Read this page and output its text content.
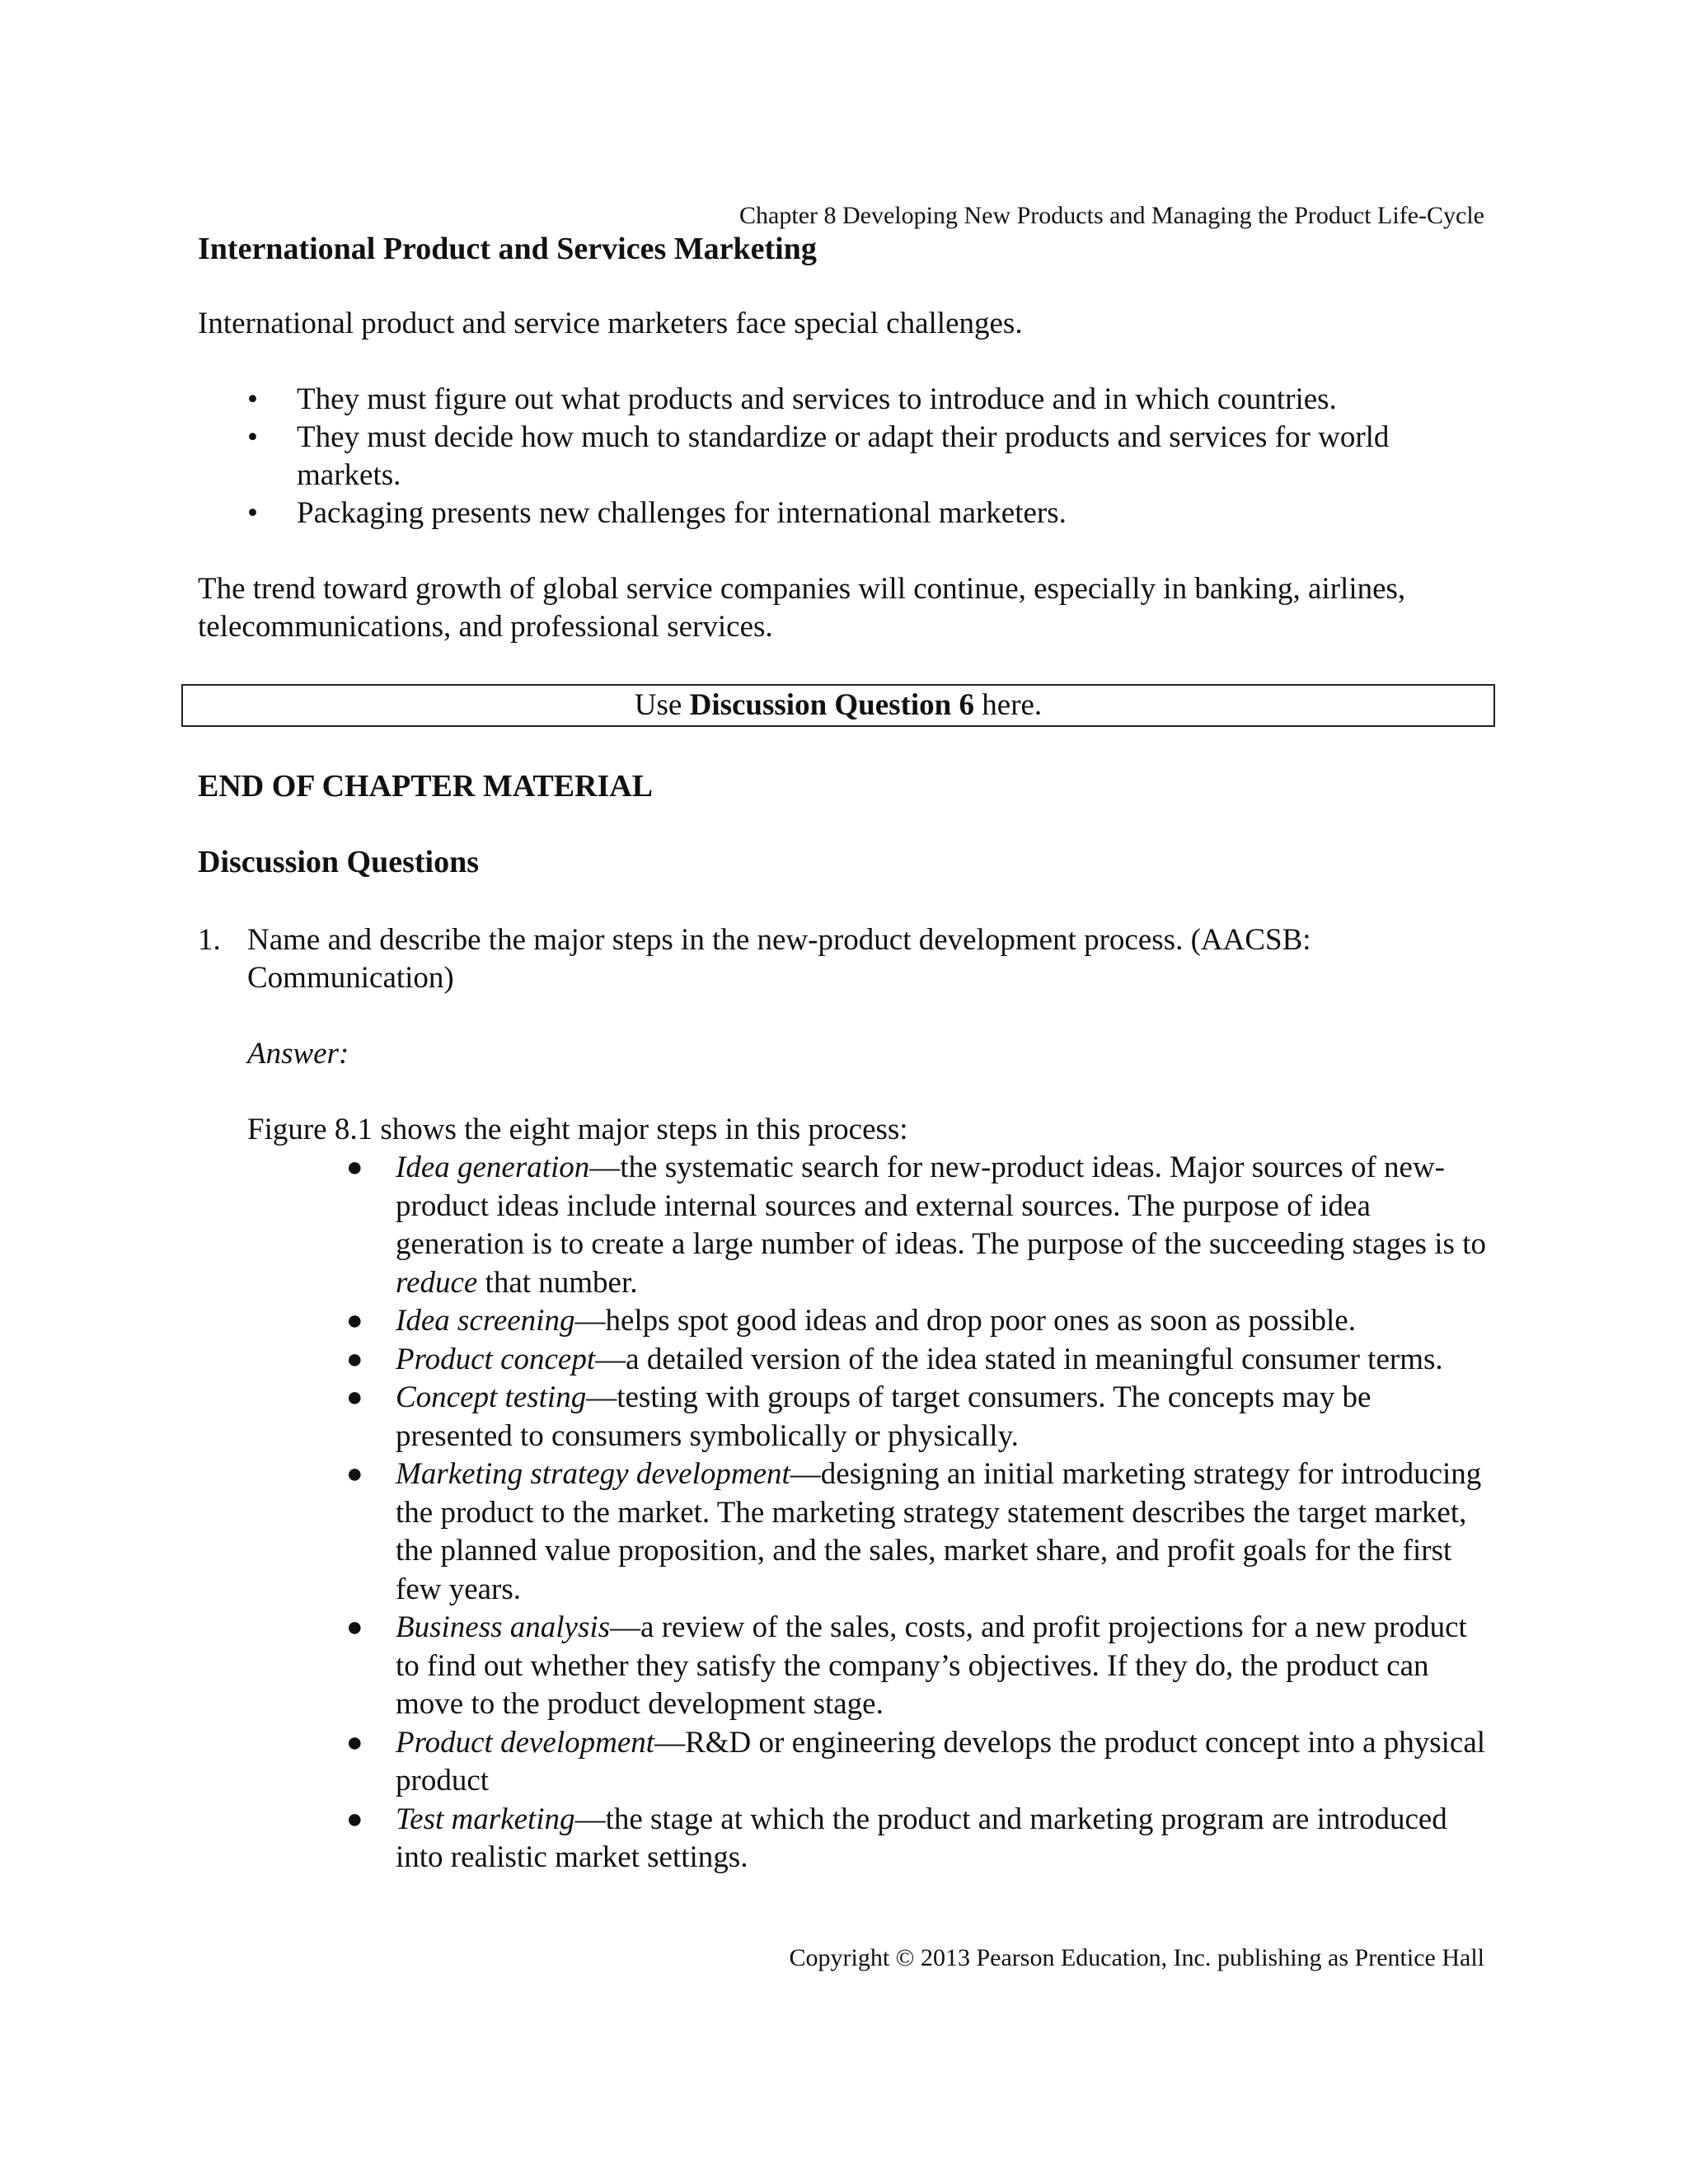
Chapter 8 Developing New Products and Managing the Product Life-Cycle

International Product and Services Marketing

International product and service marketers face special challenges.

•	They must figure out what products and services to introduce and in which countries.
•	They must decide how much to standardize or adapt their products and services for world markets.
•	Packaging presents new challenges for international marketers.

The trend toward growth of global service companies will continue, especially in banking, airlines, telecommunications, and professional services.

Use Discussion Question 6 here.
END OF CHAPTER MATERIAL
Discussion Questions
1. Name and describe the major steps in the new-product development process. (AACSB: Communication)

Answer:

Figure 8.1 shows the eight major steps in this process:

●	Idea generation—the systematic search for new-product ideas. Major sources of new-product ideas include internal sources and external sources. The purpose of idea generation is to create a large number of ideas. The purpose of the succeeding stages is to reduce that number.
●	Idea screening—helps spot good ideas and drop poor ones as soon as possible.
●	Product concept—a detailed version of the idea stated in meaningful consumer terms.
●	Concept testing—testing with groups of target consumers. The concepts may be presented to consumers symbolically or physically.
●	Marketing strategy development—designing an initial marketing strategy for introducing the product to the market. The marketing strategy statement describes the target market, the planned value proposition, and the sales, market share, and profit goals for the first few years.
●	Business analysis—a review of the sales, costs, and profit projections for a new product to find out whether they satisfy the company’s objectives. If they do, the product can move to the product development stage.
●	Product development—R&D or engineering develops the product concept into a physical product
●	Test marketing—the stage at which the product and marketing program are introduced into realistic market settings.

Copyright © 2013 Pearson Education, Inc. publishing as Prentice Hall
